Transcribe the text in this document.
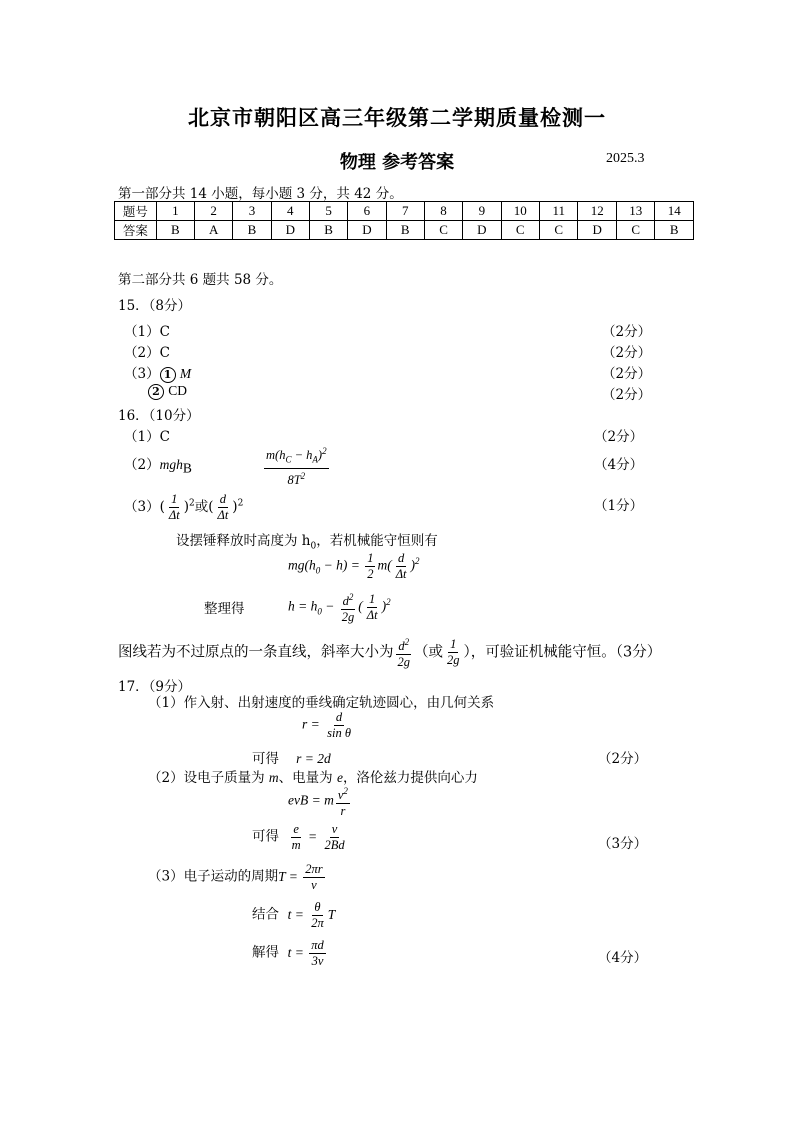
北京市朝阳区高三年级第二学期质量检测一
物理 参考答案	2025.3
第一部分共 14 小题，每小题 3 分，共 42 分。
题号	1	2	3	4	5	6	7	8	9	10	11	12	13	14
答案	B	A	B	D	B	D	B	C	D	C	C	D	C	B
第二部分共 6 题共 58 分。
15．（8分）
（1）C	（2分）
（2）C	（2分）
（3） 1 M	（2分）
2 CD	（2分）
16．（10分）
（1）C	（2分）
（2）mgh$_B$	$\frac{m(h_C - h_A)^2}{8T^2}$	（4分）
$(3)( \frac{1}{\Delta t} )^2$或( $\frac{d}{\Delta t} )^2$	（1分）
设摆锤释放时高度为 $h_0$，若机械能守恒则有
$mg(h_0 - h) = \frac{1}{2} m( \frac{d}{\Delta t} )^2$
整理得	$h = h_0 - \frac{d^2}{2g}$ ( $\frac{1}{\Delta t} )^2$
图线若为不过原点的一条直线，斜率大小为 $\frac{d^2}{2g}$ （或 $\frac{1}{2g}$ ），可验证机械能守恒。（3分）
17．（9分）
（1）作入射、出射速度的垂线确定轨迹圆心，由几何关系
$r = \frac{d}{\text{sin θ}}$
可得 r = 2d	（2分）
（2）设电子质量为 m、电量为 e，洛伦兹力提供向心力
evB = m $\frac{v^2}{r}$
可得 $\frac{e}{m} = \frac{v}{2Bd}$	（3分）
（3）电子运动的周期$T = \frac{2\pi r}{v}$
结合 $t = \frac{\theta}{2\pi}$ T
解得 $t = \frac{\pi d}{3v}$	（4分）
